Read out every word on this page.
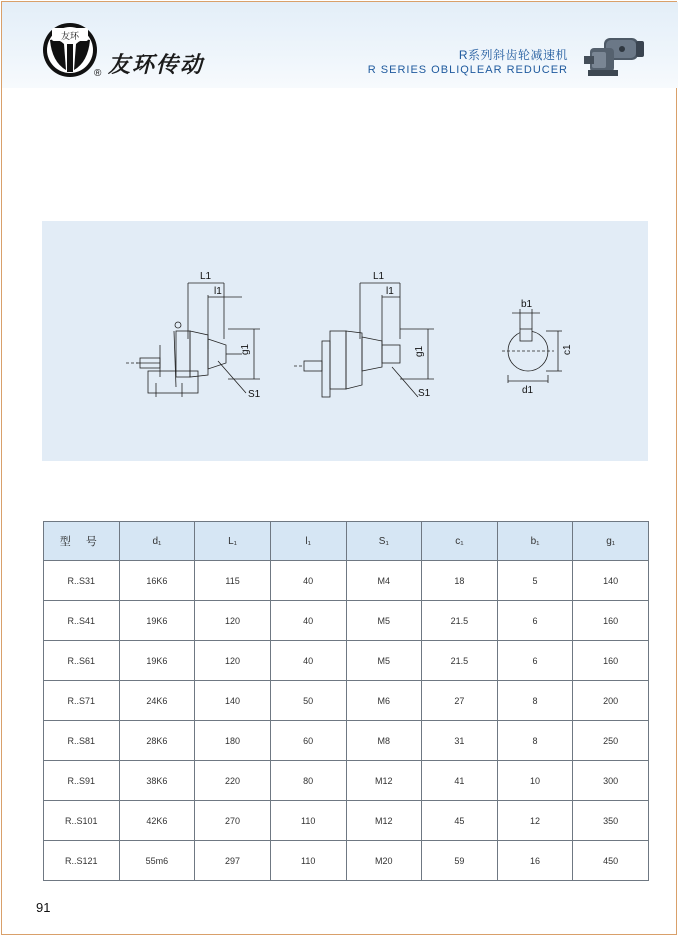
友环
® 友环传动	R系列斜齿轮减速机
R SERIES OBLIQLEAR REDUCER
L1
l1
g1
S1
L1
l1
g1
S1
b1
c1
d1
型 号	d₁	L₁	l₁	S₁	c₁	b₁	g₁
R..S31	16K6	115	40	M4	18	5	140
R..S41	19K6	120	40	M5	21.5	6	160
R..S61	19K6	120	40	M5	21.5	6	160
R..S71	24K6	140	50	M6	27	8	200
R..S81	28K6	180	60	M8	31	8	250
R..S91	38K6	220	80	M12	41	10	300
R..S101	42K6	270	110	M12	45	12	350
R..S121	55m6	297	110	M20	59	16	450
91
